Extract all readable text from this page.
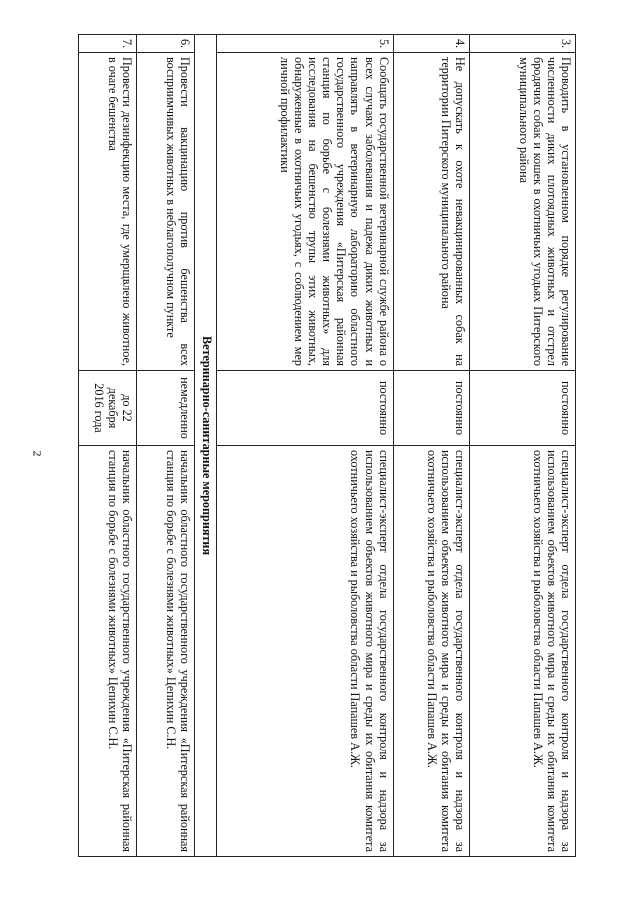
2
3.	Проводить в установленном порядке регулирование численности диких плотоядных животных и отстрел бродячих собак и кошек в охотничьих угодьях Питерского муниципального района	постоянно	специалист-эксперт отдела государственного контроля и надзора за использованием объектов животного мира и среды их обитания комитета охотничьего хозяйства и рыболовства области Папашев А.Ж.
4.	Не допускать к охоте невакцинированных собак на территории Питерского муниципального района	постоянно	специалист-эксперт отдела государственного контроля и надзора за использованием объектов животного мира и среды их обитания комитета охотничьего хозяйства и рыболовства области Папашев А.Ж.
5.	Сообщать государственной ветеринарной службе района о всех случаях заболевания и падежа диких животных и направлять в ветеринарную лабораторию областного государственного учреждения «Питерская районная станция по борьбе с болезнями животных» для исследования на бешенство трупы этих животных, обнаруженные в охотничьих угодьях, с соблюдением мер личной профилактики	постоянно	специалист-эксперт отдела государственного контроля и надзора за использованием объектов животного мира и среды их обитания комитета охотничьего хозяйства и рыболовства области Папашев А.Ж.
Ветеринарно-санитарные мероприятия			
6.	Провести вакцинацию против бешенства всех восприимчивых животных в неблагополучном пункте	немедленно	начальник областного государственного учреждения «Питерская районная станция по борьбе с болезнями животных» Цепихин С.Н.
7.	Провести дезинфекцию места, где умерщвлено животное, в очаге бешенства	до 22 декабря 2016 года	начальник областного государственного учреждения «Питерская районная станция по борьбе с болезнями животных» Цепихин С.Н.
